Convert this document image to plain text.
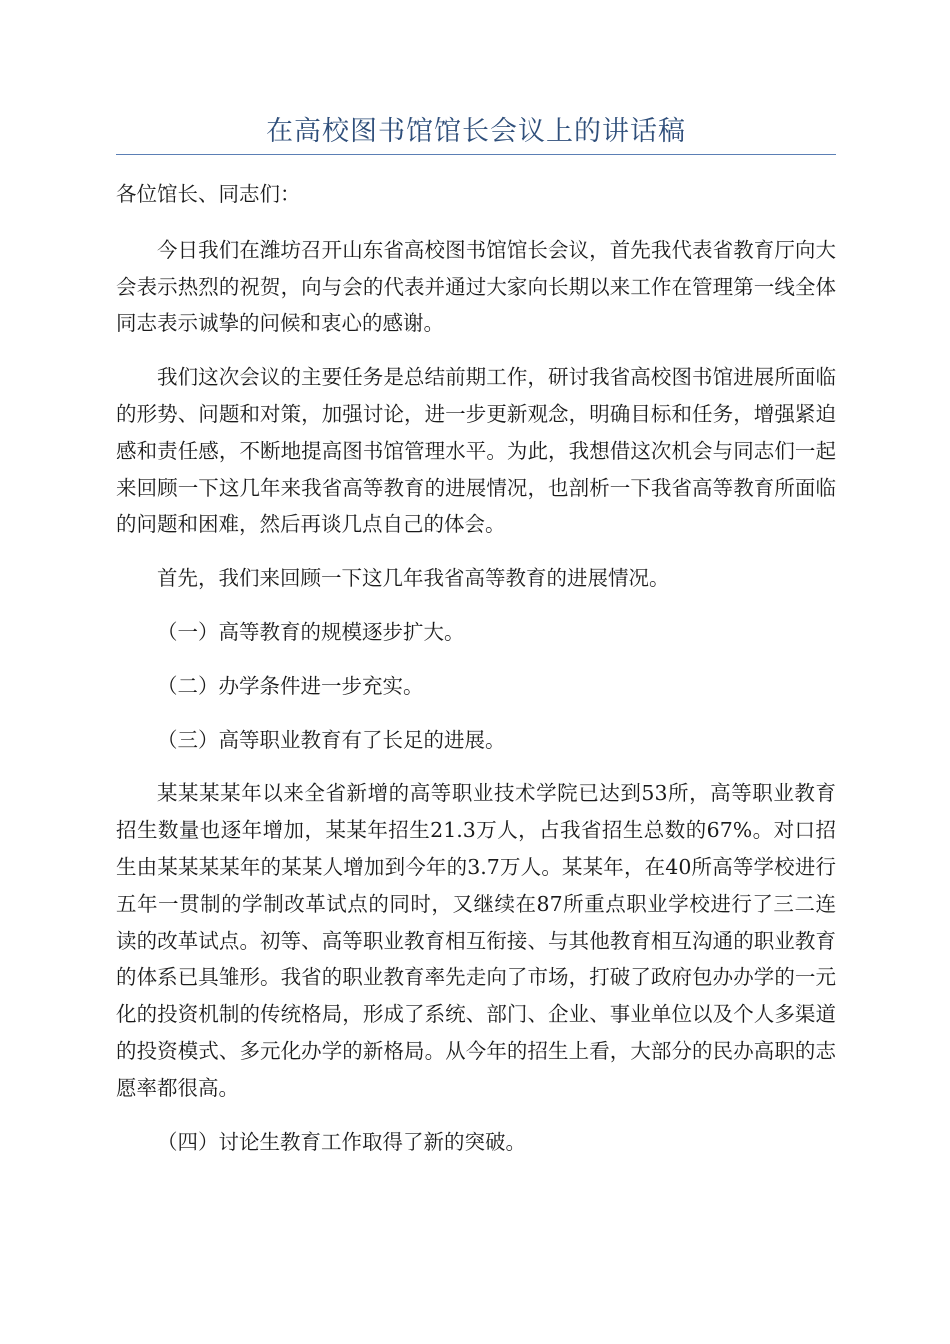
在高校图书馆馆长会议上的讲话稿

各位馆长、同志们：

今日我们在潍坊召开山东省高校图书馆馆长会议，首先我代表省教育厅向大会表示热烈的祝贺，向与会的代表并通过大家向长期以来工作在管理第一线全体同志表示诚挚的问候和衷心的感谢。

我们这次会议的主要任务是总结前期工作，研讨我省高校图书馆进展所面临的形势、问题和对策，加强讨论，进一步更新观念，明确目标和任务，增强紧迫感和责任感，不断地提高图书馆管理水平。为此，我想借这次机会与同志们一起来回顾一下这几年来我省高等教育的进展情况，也剖析一下我省高等教育所面临的问题和困难，然后再谈几点自己的体会。

首先，我们来回顾一下这几年我省高等教育的进展情况。

（一）高等教育的规模逐步扩大。

（二）办学条件进一步充实。

（三）高等职业教育有了长足的进展。

某某某某年以来全省新增的高等职业技术学院已达到53所，高等职业教育招生数量也逐年增加，某某年招生21.3万人，占我省招生总数的67%。对口招生由某某某某年的某某人增加到今年的3.7万人。某某年，在40所高等学校进行五年一贯制的学制改革试点的同时，又继续在87所重点职业学校进行了三二连读的改革试点。初等、高等职业教育相互衔接、与其他教育相互沟通的职业教育的体系已具雏形。我省的职业教育率先走向了市场，打破了政府包办办学的一元化的投资机制的传统格局，形成了系统、部门、企业、事业单位以及个人多渠道的投资模式、多元化办学的新格局。从今年的招生上看，大部分的民办高职的志愿率都很高。

（四）讨论生教育工作取得了新的突破。
